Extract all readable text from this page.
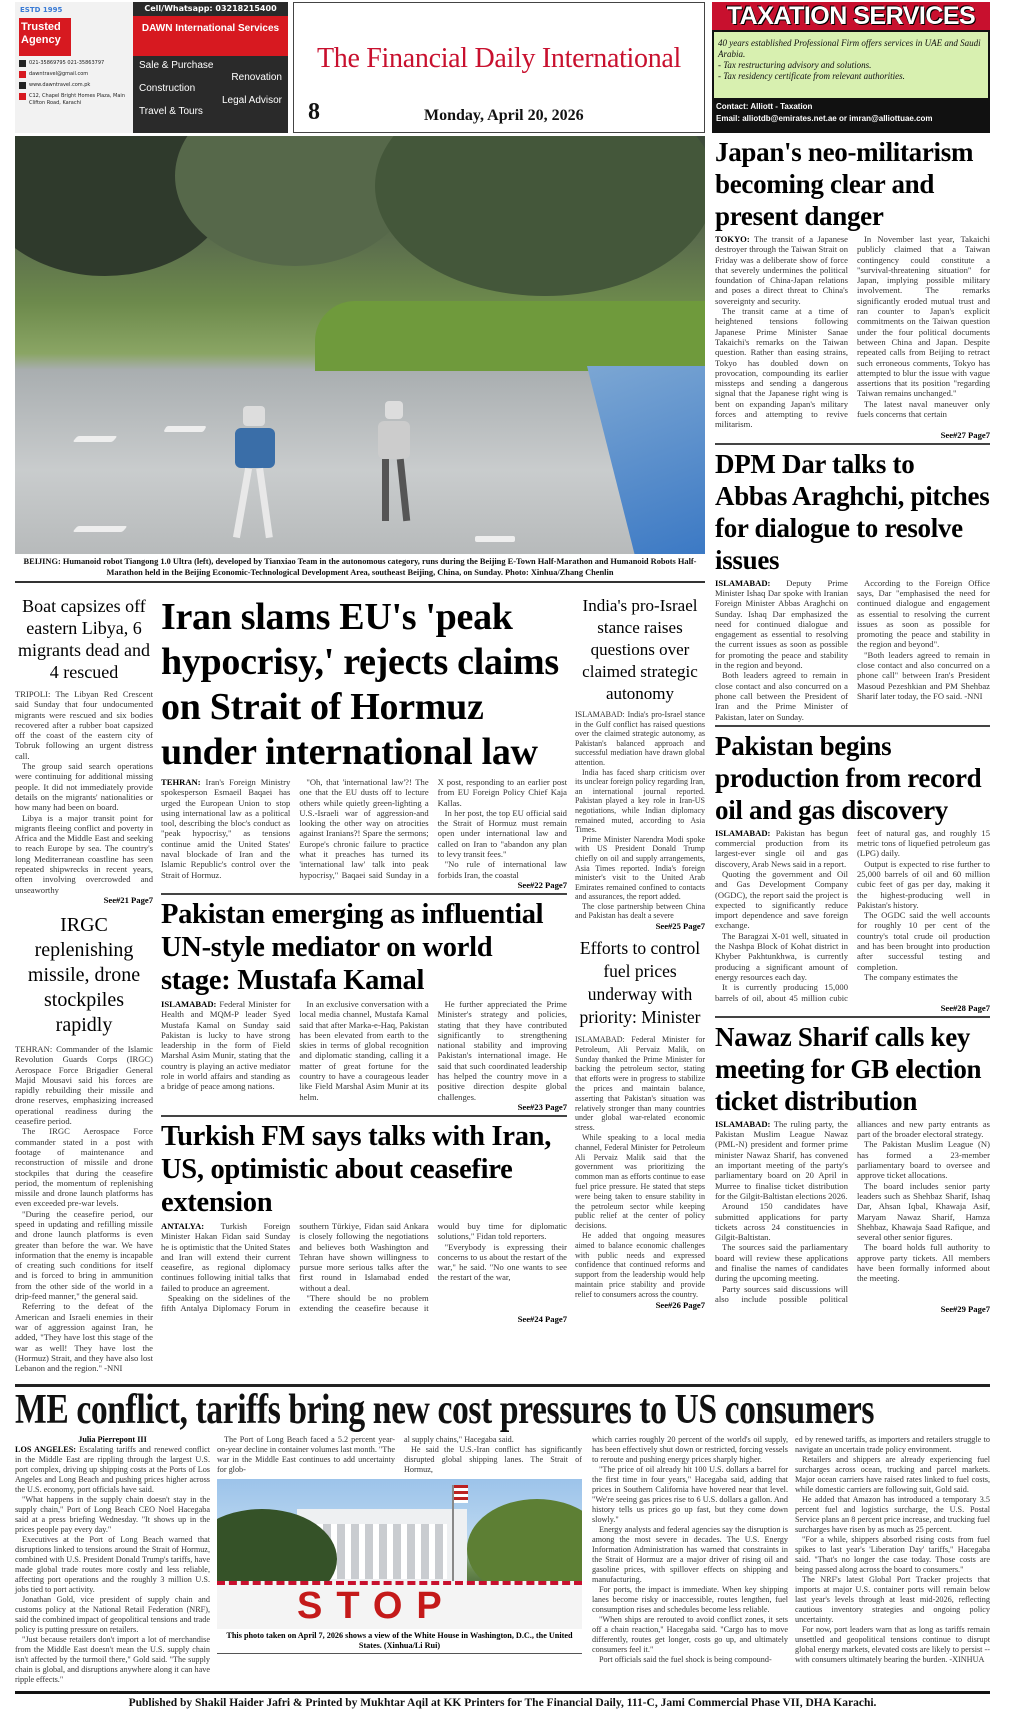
ESTD 1995
Trusted Agency
021-35869795 021-35863797
dawntravel@gmail.com
www.dawntravel.com.pk
C12, Chapel Bright Homes Plaza, Main Clifton Road, Karachi
Cell/Whatsapp: 03218215400
DAWN International Services
Sale & Purchase
Renovation
Construction
Legal Advisor
Travel & Tours
The Financial Daily International
8	Monday, April 20, 2026
TAXATION SERVICES
40 years established Professional Firm offers services in UAE and Saudi Arabia.
- Tax restructuring advisory and solutions.
- Tax residency certificate from relevant authorities.
Contact: Alliott - Taxation
Email: alliotdb@emirates.net.ae or imran@alliottuae.com
BEIJING: Humanoid robot Tiangong 1.0 Ultra (left), developed by Tianxiao Team in the autonomous category, runs during the Beijing E-Town Half-Marathon and Humanoid Robots Half-Marathon held in the Beijing Economic-Technological Development Area, southeast Beijing, China, on Sunday. Photo: Xinhua/Zhang Chenlin
Boat capsizes off eastern Libya, 6 migrants dead and 4 rescued

TRIPOLI: The Libyan Red Crescent said Sunday that four undocumented migrants were rescued and six bodies recovered after a rubber boat capsized off the coast of the eastern city of Tobruk following an urgent distress call.

The group said search operations were continuing for additional missing people. It did not immediately provide details on the migrants' nationalities or how many had been on board.

Libya is a major transit point for migrants fleeing conflict and poverty in Africa and the Middle East and seeking to reach Europe by sea. The country's long Mediterranean coastline has seen repeated shipwrecks in recent years, often involving overcrowded and unseaworthy

See#21 Page7
IRGC replenishing missile, drone stockpiles rapidly

TEHRAN: Commander of the Islamic Revolution Guards Corps (IRGC) Aerospace Force Brigadier General Majid Mousavi said his forces are rapidly rebuilding their missile and drone reserves, emphasizing increased operational readiness during the ceasefire period.

The IRGC Aerospace Force commander stated in a post with footage of maintenance and reconstruction of missile and drone stockpiles that during the ceasefire period, the momentum of replenishing missile and drone launch platforms has even exceeded pre-war levels.

"During the ceasefire period, our speed in updating and refilling missile and drone launch platforms is even greater than before the war. We have information that the enemy is incapable of creating such conditions for itself and is forced to bring in ammunition from the other side of the world in a drip-feed manner," the general said.

Referring to the defeat of the American and Israeli enemies in their war of aggression against Iran, he added, "They have lost this stage of the war as well! They have lost the (Hormuz) Strait, and they have also lost Lebanon and the region." -NNI

Iran slams EU's 'peak hypocrisy,' rejects claims on Strait of Hormuz under international law

TEHRAN: Iran's Foreign Ministry spokesperson Esmaeil Baqaei has urged the European Union to stop using international law as a political tool, describing the bloc's conduct as "peak hypocrisy," as tensions continue amid the United States' naval blockade of Iran and the Islamic Republic's control over the Strait of Hormuz.

"Oh, that 'international law'?! The one that the EU dusts off to lecture others while quietly green-lighting a U.S.-Israeli war of aggression-and looking the other way on atrocities against Iranians?! Spare the sermons; Europe's chronic failure to practice what it preaches has turned its 'international law' talk into peak hypocrisy," Baqaei said Sunday in a X post, responding to an earlier post from EU Foreign Policy Chief Kaja Kallas.

In her post, the top EU official said the Strait of Hormuz must remain open under international law and called on Iran to "abandon any plan to levy transit fees."

"No rule of international law forbids Iran, the coastal

See#22 Page7
Pakistan emerging as influential UN-style mediator on world stage: Mustafa Kamal

ISLAMABAD: Federal Minister for Health and MQM-P leader Syed Mustafa Kamal on Sunday said Pakistan is lucky to have strong leadership in the form of Field Marshal Asim Munir, stating that the country is playing an active mediator role in world affairs and standing as a bridge of peace among nations.

In an exclusive conversation with a local media channel, Mustafa Kamal said that after Marka-e-Haq, Pakistan has been elevated from earth to the skies in terms of global recognition and diplomatic standing, calling it a matter of great fortune for the country to have a courageous leader like Field Marshal Asim Munir at its helm.

He further appreciated the Prime Minister's strategy and policies, stating that they have contributed significantly to strengthening national stability and improving Pakistan's international image. He said that such coordinated leadership has helped the country move in a positive direction despite global challenges.

See#23 Page7
Turkish FM says talks with Iran, US, optimistic about ceasefire extension

ANTALYA: Turkish Foreign Minister Hakan Fidan said Sunday he is optimistic that the United States and Iran will extend their current ceasefire, as regional diplomacy continues following initial talks that failed to produce an agreement.

Speaking on the sidelines of the fifth Antalya Diplomacy Forum in southern Türkiye, Fidan said Ankara is closely following the negotiations and believes both Washington and Tehran have shown willingness to pursue more serious talks after the first round in Islamabad ended without a deal.

"There should be no problem extending the ceasefire because it would buy time for diplomatic solutions," Fidan told reporters.

"Everybody is expressing their concerns to us about the restart of the war," he said. "No one wants to see the restart of the war,

See#24 Page7
India's pro-Israel stance raises questions over claimed strategic autonomy

ISLAMABAD: India's pro-Israel stance in the Gulf conflict has raised questions over the claimed strategic autonomy, as Pakistan's balanced approach and successful mediation have drawn global attention.

India has faced sharp criticism over its unclear foreign policy regarding Iran, an international journal reported. Pakistan played a key role in Iran-US negotiations, while Indian diplomacy remained muted, according to Asia Times.

Prime Minister Narendra Modi spoke with US President Donald Trump chiefly on oil and supply arrangements, Asia Times reported. India's foreign minister's visit to the United Arab Emirates remained confined to contacts and assurances, the report added.

The close partnership between China and Pakistan has dealt a severe

See#25 Page7
Efforts to control fuel prices underway with priority: Minister

ISLAMABAD: Federal Minister for Petroleum, Ali Pervaiz Malik, on Sunday thanked the Prime Minister for backing the petroleum sector, stating that efforts were in progress to stabilize the prices and maintain balance, asserting that Pakistan's situation was relatively stronger than many countries under global war-related economic stress.

While speaking to a local media channel, Federal Minister for Petroleum Ali Pervaiz Malik said that the government was prioritizing the common man as efforts continue to ease fuel price pressure. He stated that steps were being taken to ensure stability in the petroleum sector while keeping public relief at the center of policy decisions.

He added that ongoing measures aimed to balance economic challenges with public needs and expressed confidence that continued reforms and support from the leadership would help maintain price stability and provide relief to consumers across the country.

See#26 Page7
Japan's neo-militarism becoming clear and present danger

TOKYO: The transit of a Japanese destroyer through the Taiwan Strait on Friday was a deliberate show of force that severely undermines the political foundation of China-Japan relations and poses a direct threat to China's sovereignty and security.

The transit came at a time of heightened tensions following Japanese Prime Minister Sanae Takaichi's remarks on the Taiwan question. Rather than easing strains, Tokyo has doubled down on provocation, compounding its earlier missteps and sending a dangerous signal that the Japanese right wing is bent on expanding Japan's military forces and attempting to revive militarism.

In November last year, Takaichi publicly claimed that a Taiwan contingency could constitute a "survival-threatening situation" for Japan, implying possible military involvement. The remarks significantly eroded mutual trust and ran counter to Japan's explicit commitments on the Taiwan question under the four political documents between China and Japan. Despite repeated calls from Beijing to retract such erroneous comments, Tokyo has attempted to blur the issue with vague assertions that its position "regarding Taiwan remains unchanged."

The latest naval maneuver only fuels concerns that certain

See#27 Page7
DPM Dar talks to Abbas Araghchi, pitches for dialogue to resolve issues

ISLAMABAD: Deputy Prime Minister Ishaq Dar spoke with Iranian Foreign Minister Abbas Araghchi on Sunday. Ishaq Dar emphasized the need for continued dialogue and engagement as essential to resolving the current issues as soon as possible for promoting the peace and stability in the region and beyond.

Both leaders agreed to remain in close contact and also concurred on a phone call between the President of Iran and the Prime Minister of Pakistan, later on Sunday.

According to the Foreign Office says, Dar "emphasised the need for continued dialogue and engagement as essential to resolving the current issues as soon as possible for promoting the peace and stability in the region and beyond".

"Both leaders agreed to remain in close contact and also concurred on a phone call" between Iran's President Masoud Pezeshkian and PM Shehbaz Sharif later today, the FO said. -NNI

Pakistan begins production from record oil and gas discovery

ISLAMABAD: Pakistan has begun commercial production from its largest-ever single oil and gas discovery, Arab News said in a report.

Quoting the government and Oil and Gas Development Company (OGDC), the report said the project is expected to significantly reduce import dependence and save foreign exchange.

The Baragzai X-01 well, situated in the Nashpa Block of Kohat district in Khyber Pakhtunkhwa, is currently producing a significant amount of energy resources each day.

It is currently producing 15,000 barrels of oil, about 45 million cubic feet of natural gas, and roughly 15 metric tons of liquefied petroleum gas (LPG) daily.

Output is expected to rise further to 25,000 barrels of oil and 60 million cubic feet of gas per day, making it the highest-producing well in Pakistan's history.

The OGDC said the well accounts for roughly 10 per cent of the country's total crude oil production and has been brought into production after successful testing and completion.

The company estimates the

See#28 Page7
Nawaz Sharif calls key meeting for GB election ticket distribution

ISLAMABAD: The ruling party, the Pakistan Muslim League Nawaz (PML-N) president and former prime minister Nawaz Sharif, has convened an important meeting of the party's parliamentary board on 20 April in Murree to finalise ticket distribution for the Gilgit-Baltistan elections 2026.

Around 150 candidates have submitted applications for party tickets across 24 constituencies in Gilgit-Baltistan.

The sources said the parliamentary board will review these applications and finalise the names of candidates during the upcoming meeting.

Party sources said discussions will also include possible political alliances and new party entrants as part of the broader electoral strategy.

The Pakistan Muslim League (N) has formed a 23-member parliamentary board to oversee and approve ticket allocations.

The board includes senior party leaders such as Shehbaz Sharif, Ishaq Dar, Ahsan Iqbal, Khawaja Asif, Maryam Nawaz Sharif, Hamza Shehbaz, Khawaja Saad Rafique, and several other senior figures.

The board holds full authority to approve party tickets. All members have been formally informed about the meeting.

See#29 Page7
ME conflict, tariffs bring new cost pressures to US consumers
Julia Pierrepont III

LOS ANGELES: Escalating tariffs and renewed conflict in the Middle East are rippling through the largest U.S. port complex, driving up shipping costs at the Ports of Los Angeles and Long Beach and pushing prices higher across the U.S. economy, port officials have said.

"What happens in the supply chain doesn't stay in the supply chain," Port of Long Beach CEO Noel Hacegaba said at a press briefing Wednesday. "It shows up in the prices people pay every day."

Executives at the Port of Long Beach warned that disruptions linked to tensions around the Strait of Hormuz, combined with U.S. President Donald Trump's tariffs, have made global trade routes more costly and less reliable, affecting port operations and the roughly 3 million U.S. jobs tied to port activity.

Jonathan Gold, vice president of supply chain and customs policy at the National Retail Federation (NRF), said the combined impact of geopolitical tensions and trade policy is putting pressure on retailers.

"Just because retailers don't import a lot of merchandise from the Middle East doesn't mean the U.S. supply chain isn't affected by the turmoil there," Gold said. "The supply chain is global, and disruptions anywhere along it can have ripple effects."

The Port of Long Beach faced a 5.2 percent year-on-year decline in container volumes last month. "The war in the Middle East continues to add uncertainty for glob-

al supply chains," Hacegaba said.

He said the U.S.-Iran conflict has significantly disrupted global shipping lanes. The Strait of Hormuz,

STOP
This photo taken on April 7, 2026 shows a view of the White House in Washington, D.C., the United States. (Xinhua/Li Rui)

which carries roughly 20 percent of the world's oil supply, has been effectively shut down or restricted, forcing vessels to reroute and pushing energy prices sharply higher.

"The price of oil already hit 100 U.S. dollars a barrel for the first time in four years," Hacegaba said, adding that prices in Southern California have hovered near that level. "We're seeing gas prices rise to 6 U.S. dollars a gallon. And history tells us prices go up fast, but they come down slowly."

Energy analysts and federal agencies say the disruption is among the most severe in decades. The U.S. Energy Information Administration has warned that constraints in the Strait of Hormuz are a major driver of rising oil and gasoline prices, with spillover effects on shipping and manufacturing.

For ports, the impact is immediate. When key shipping lanes become risky or inaccessible, routes lengthen, fuel consumption rises and schedules become less reliable.

"When ships are rerouted to avoid conflict zones, it sets off a chain reaction," Hacegaba said. "Cargo has to move differently, routes get longer, costs go up, and ultimately consumers feel it."

Port officials said the fuel shock is being compound-

ed by renewed tariffs, as importers and retailers struggle to navigate an uncertain trade policy environment.

Retailers and shippers are already experiencing fuel surcharges across ocean, trucking and parcel markets. Major ocean carriers have raised rates linked to fuel costs, while domestic carriers are following suit, Gold said.

He added that Amazon has introduced a temporary 3.5 percent fuel and logistics surcharge, the U.S. Postal Service plans an 8 percent price increase, and trucking fuel surcharges have risen by as much as 25 percent.

"For a while, shippers absorbed rising costs from fuel spikes to last year's 'Liberation Day' tariffs," Hacegaba said. "That's no longer the case today. Those costs are being passed along across the board to consumers."

The NRF's latest Global Port Tracker projects that imports at major U.S. container ports will remain below last year's levels through at least mid-2026, reflecting cautious inventory strategies and ongoing policy uncertainty.

For now, port leaders warn that as long as tariffs remain unsettled and geopolitical tensions continue to disrupt global energy markets, elevated costs are likely to persist -- with consumers ultimately bearing the burden. -XINHUA

Published by Shakil Haider Jafri & Printed by Mukhtar Aqil at KK Printers for The Financial Daily, 111-C, Jami Commercial Phase VII, DHA Karachi.
